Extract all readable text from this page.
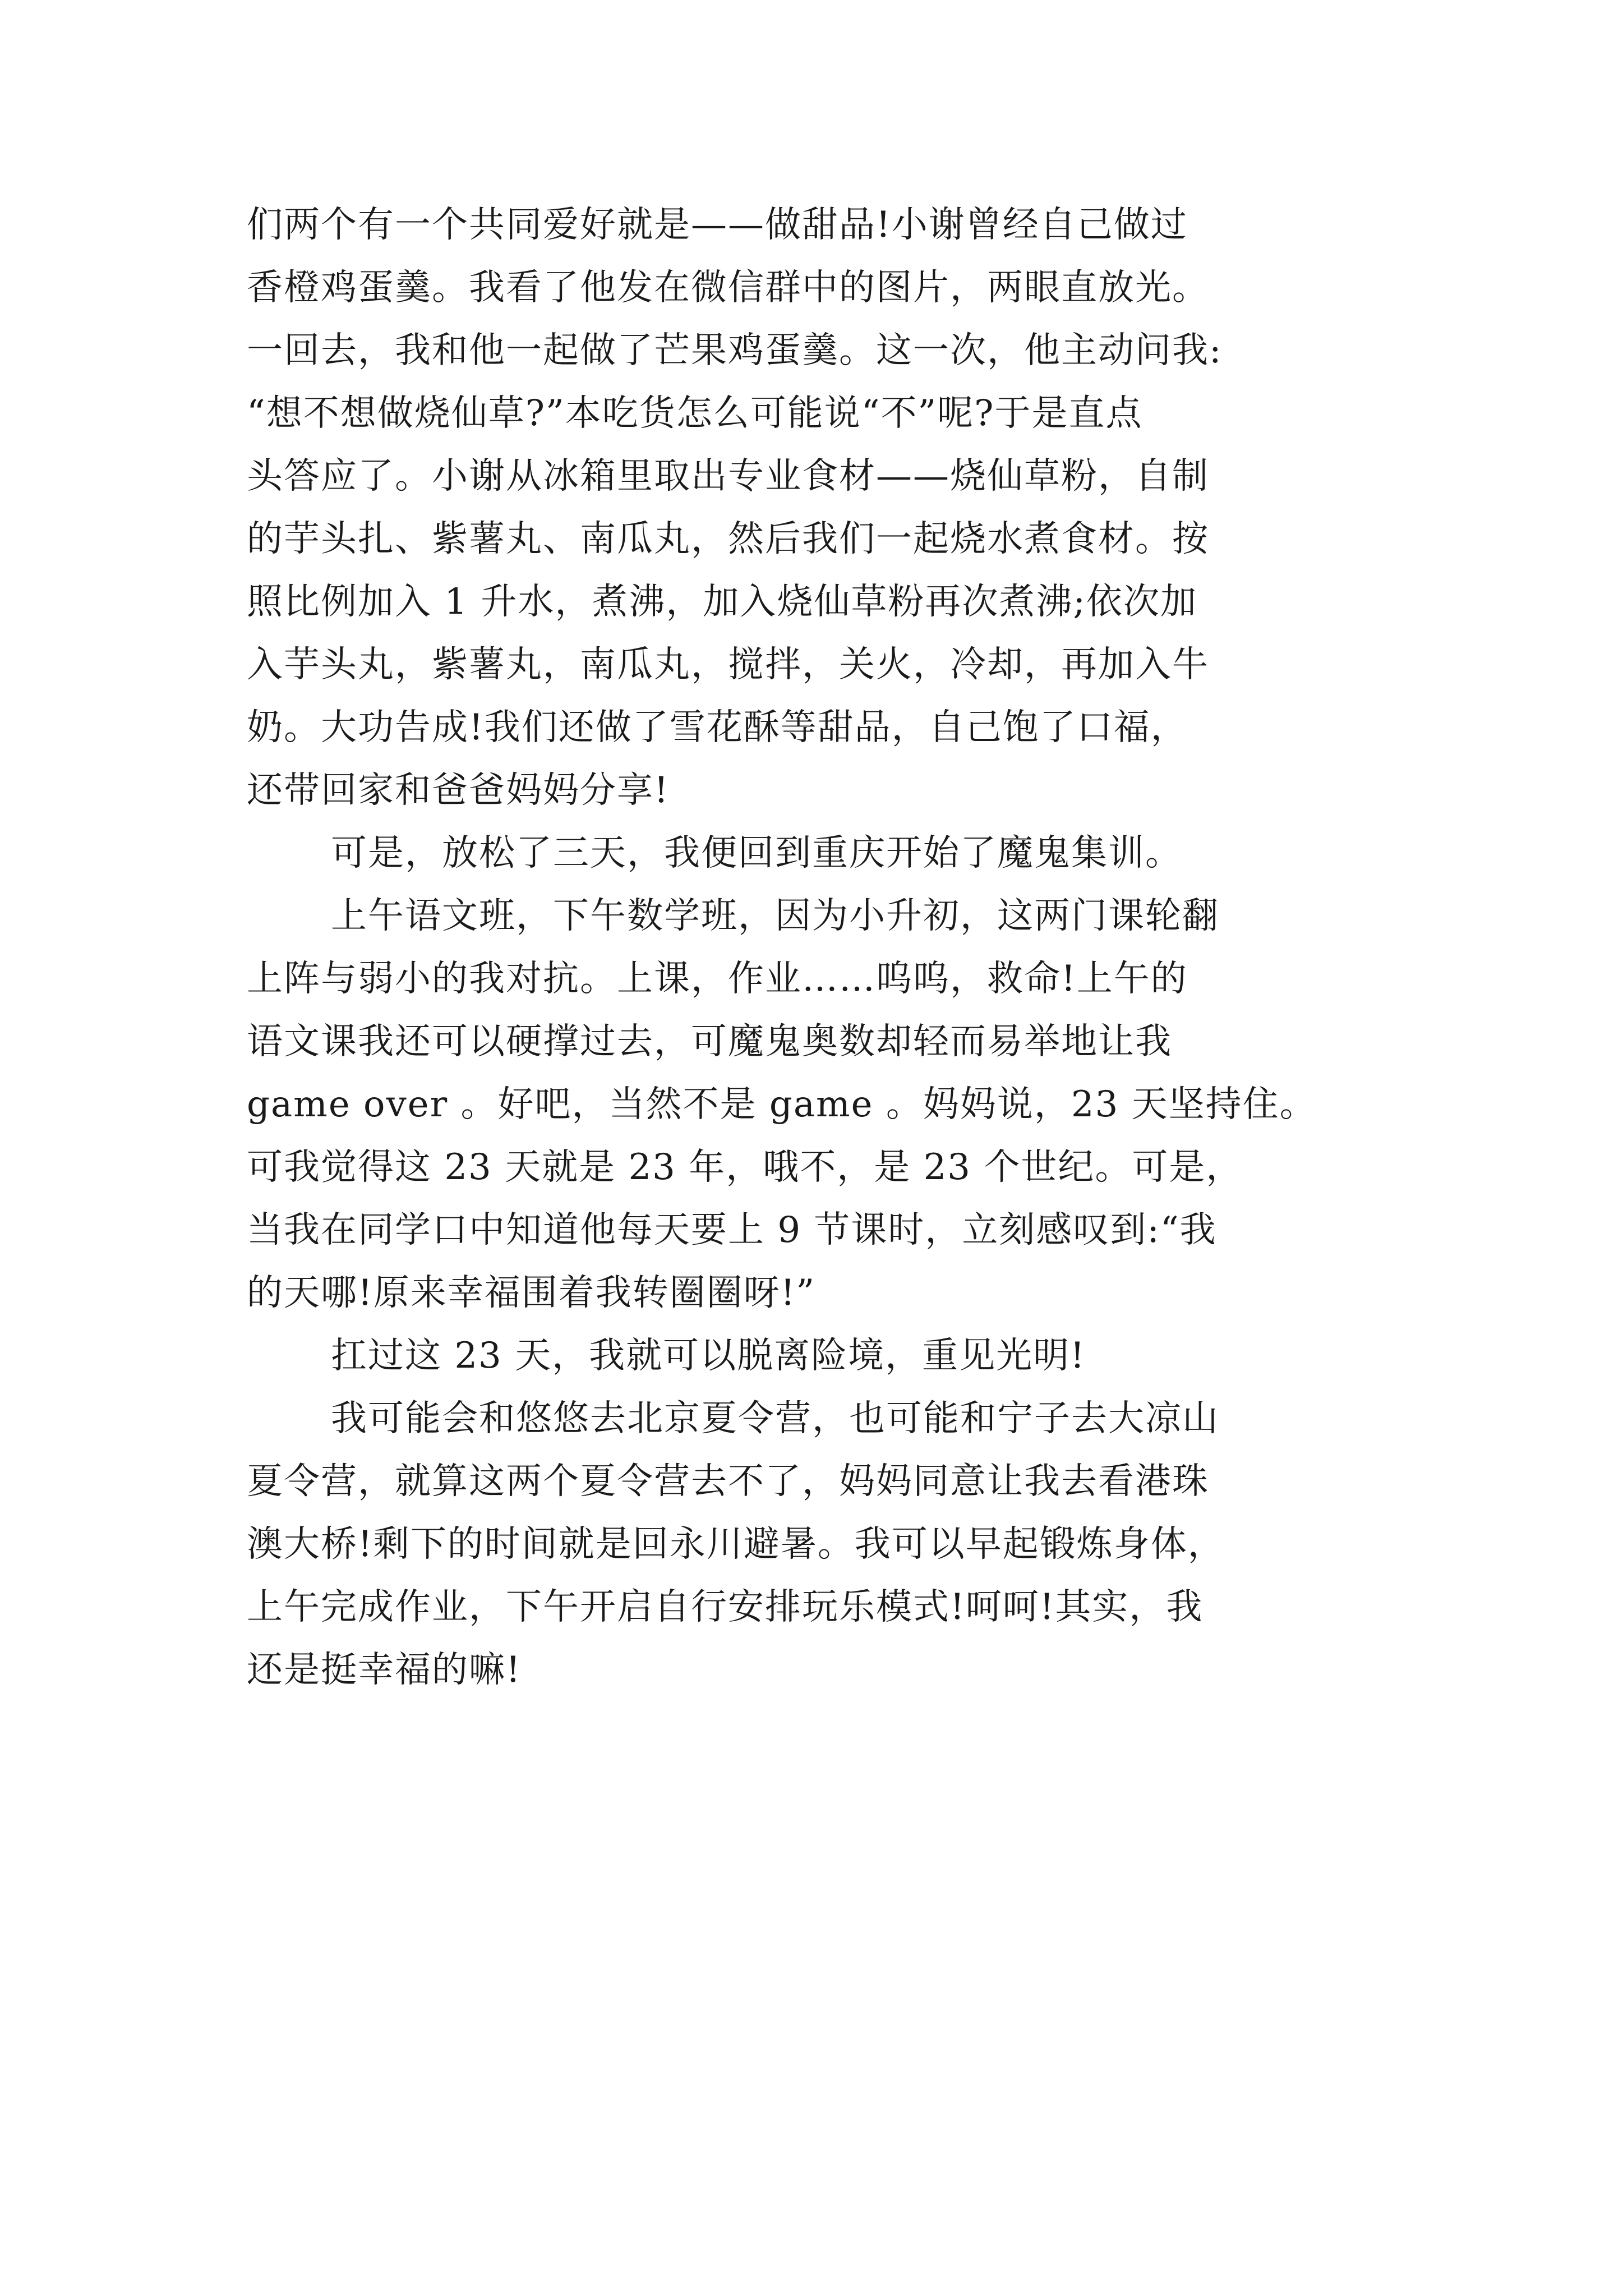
们两个有一个共同爱好就是——做甜品!小谢曾经自己做过
香橙鸡蛋羹。我看了他发在微信群中的图片，两眼直放光。
一回去，我和他一起做了芒果鸡蛋羹。这一次，他主动问我:
“想不想做烧仙草?”本吃货怎么可能说“不”呢?于是直点
头答应了。小谢从冰箱里取出专业食材——烧仙草粉，自制
的芋头扎、紫薯丸、南瓜丸，然后我们一起烧水煮食材。按
照比例加入 1 升水，煮沸，加入烧仙草粉再次煮沸;依次加
入芋头丸，紫薯丸，南瓜丸，搅拌，关火，冷却，再加入牛
奶。大功告成!我们还做了雪花酥等甜品，自己饱了口福，
还带回家和爸爸妈妈分享!
可是，放松了三天，我便回到重庆开始了魔鬼集训。
上午语文班，下午数学班，因为小升初，这两门课轮翻
上阵与弱小的我对抗。上课，作业……呜呜，救命!上午的
语文课我还可以硬撑过去，可魔鬼奥数却轻而易举地让我
game over 。好吧，当然不是 game 。妈妈说，23 天坚持住。
可我觉得这 23 天就是 23 年，哦不，是 23 个世纪。可是，
当我在同学口中知道他每天要上 9 节课时，立刻感叹到:“我
的天哪!原来幸福围着我转圈圈呀!”
扛过这 23 天，我就可以脱离险境，重见光明!
我可能会和悠悠去北京夏令营，也可能和宁子去大凉山
夏令营，就算这两个夏令营去不了，妈妈同意让我去看港珠
澳大桥!剩下的时间就是回永川避暑。我可以早起锻炼身体，
上午完成作业，下午开启自行安排玩乐模式!呵呵!其实，我
还是挺幸福的嘛!
